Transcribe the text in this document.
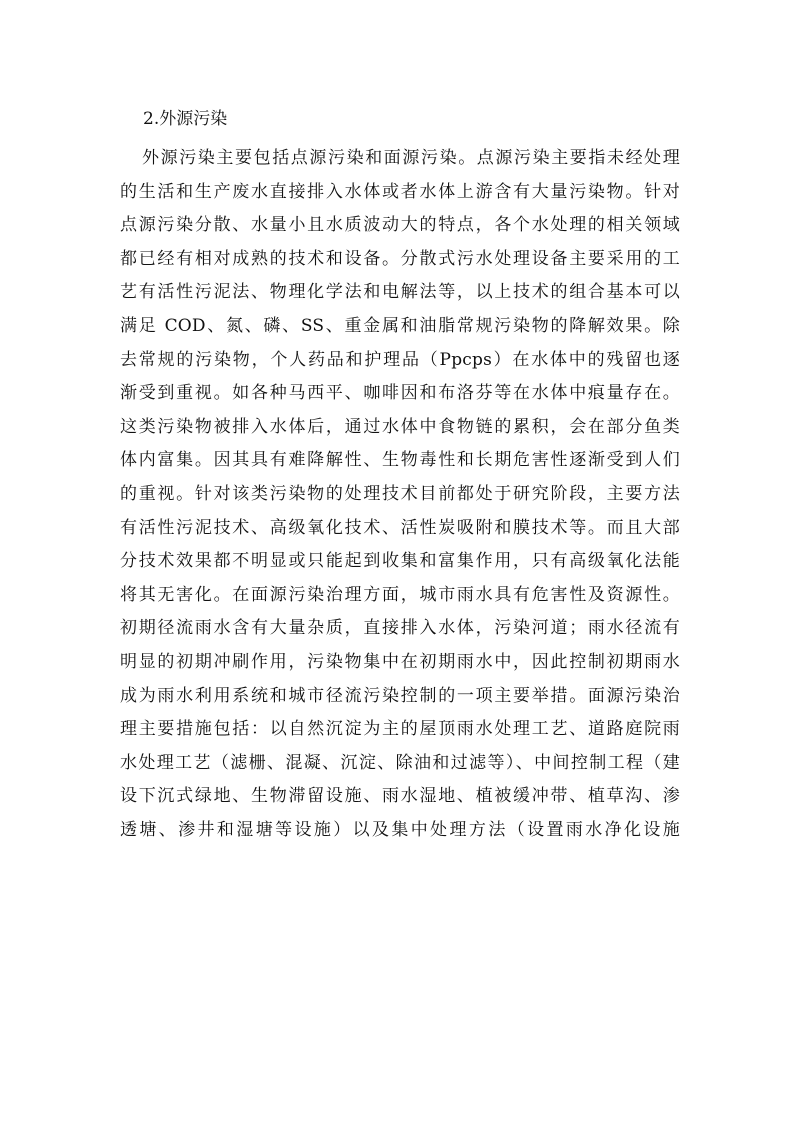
2.外源污染
外源污染主要包括点源污染和面源污染。点源污染主要指未经处理
的生活和生产废水直接排入水体或者水体上游含有大量污染物。针对
点源污染分散、水量小且水质波动大的特点，各个水处理的相关领域
都已经有相对成熟的技术和设备。分散式污水处理设备主要采用的工
艺有活性污泥法、物理化学法和电解法等，以上技术的组合基本可以
满足 COD、氮、磷、SS、重金属和油脂常规污染物的降解效果。除
去常规的污染物，个人药品和护理品（Ppcps）在水体中的残留也逐
渐受到重视。如各种马西平、咖啡因和布洛芬等在水体中痕量存在。
这类污染物被排入水体后，通过水体中食物链的累积，会在部分鱼类
体内富集。因其具有难降解性、生物毒性和长期危害性逐渐受到人们
的重视。针对该类污染物的处理技术目前都处于研究阶段，主要方法
有活性污泥技术、高级氧化技术、活性炭吸附和膜技术等。而且大部
分技术效果都不明显或只能起到收集和富集作用，只有高级氧化法能
将其无害化。在面源污染治理方面，城市雨水具有危害性及资源性。
初期径流雨水含有大量杂质，直接排入水体，污染河道；雨水径流有
明显的初期冲刷作用，污染物集中在初期雨水中，因此控制初期雨水
成为雨水利用系统和城市径流污染控制的一项主要举措。面源污染治
理主要措施包括：以自然沉淀为主的屋顶雨水处理工艺、道路庭院雨
水处理工艺（滤栅、混凝、沉淀、除油和过滤等）、中间控制工程（建
设下沉式绿地、生物滞留设施、雨水湿地、植被缓冲带、植草沟、渗
透塘、渗井和湿塘等设施）以及集中处理方法（设置雨水净化设施
